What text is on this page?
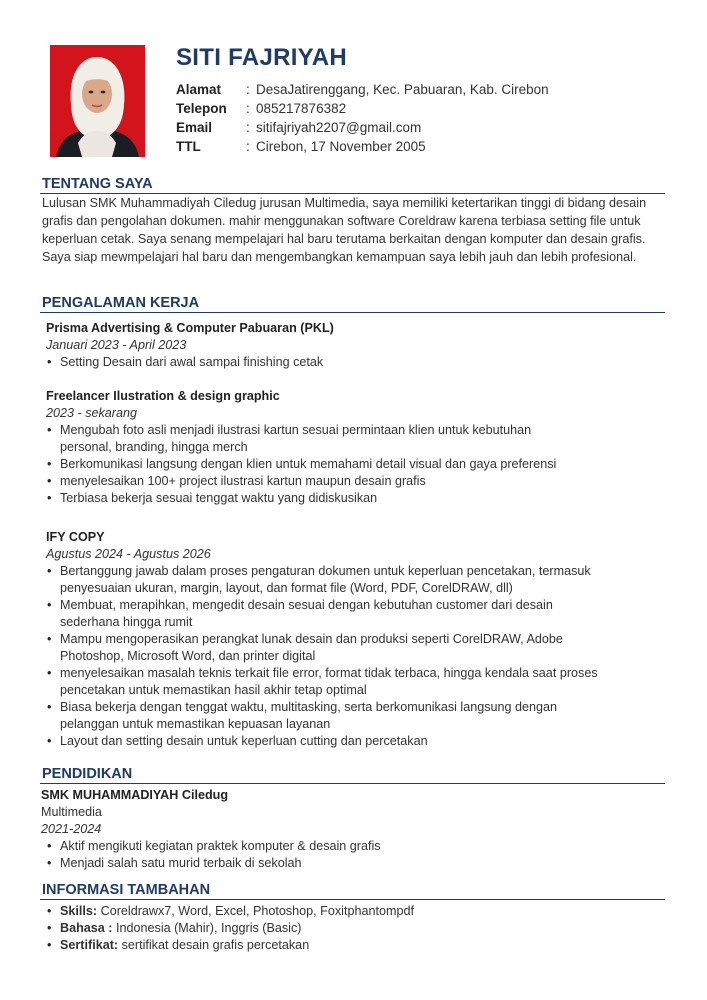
SITI FAJRIYAH
Alamat	: DesaJatirenggang, Kec. Pabuaran, Kab. Cirebon
Telepon	: 085217876382
Email	: sitifajriyah2207@gmail.com
TTL	: Cirebon, 17 November 2005
TENTANG SAYA
Lulusan SMK Muhammadiyah Ciledug jurusan Multimedia, saya memiliki ketertarikan tinggi di bidang desain
grafis dan pengolahan dokumen. mahir menggunakan software Coreldraw karena terbiasa setting file untuk
keperluan cetak. Saya senang mempelajari hal baru terutama berkaitan dengan komputer dan desain grafis.
Saya siap mewmpelajari hal baru dan mengembangkan kemampuan saya lebih jauh dan lebih profesional.
PENGALAMAN KERJA
Prisma Advertising & Computer Pabuaran (PKL)
Januari 2023 - April 2023
• Setting Desain dari awal sampai finishing cetak
Freelancer Ilustration & design graphic
2023 - sekarang
• Mengubah foto asli menjadi ilustrasi kartun sesuai permintaan klien untuk kebutuhan
personal, branding, hingga merch
• Berkomunikasi langsung dengan klien untuk memahami detail visual dan gaya preferensi
• menyelesaikan 100+ project ilustrasi kartun maupun desain grafis
• Terbiasa bekerja sesuai tenggat waktu yang didiskusikan
IFY COPY
Agustus 2024 - Agustus 2026
• Bertanggung jawab dalam proses pengaturan dokumen untuk keperluan pencetakan, termasuk
penyesuaian ukuran, margin, layout, dan format file (Word, PDF, CorelDRAW, dll)
• Membuat, merapihkan, mengedit desain sesuai dengan kebutuhan customer dari desain
sederhana hingga rumit
• Mampu mengoperasikan perangkat lunak desain dan produksi seperti CorelDRAW, Adobe
Photoshop, Microsoft Word, dan printer digital
• menyelesaikan masalah teknis terkait file error, format tidak terbaca, hingga kendala saat proses
pencetakan untuk memastikan hasil akhir tetap optimal
• Biasa bekerja dengan tenggat waktu, multitasking, serta berkomunikasi langsung dengan
pelanggan untuk memastikan kepuasan layanan
• Layout dan setting desain untuk keperluan cutting dan percetakan
PENDIDIKAN
SMK MUHAMMADIYAH Ciledug
Multimedia
2021-2024
• Aktif mengikuti kegiatan praktek komputer & desain grafis
• Menjadi salah satu murid terbaik di sekolah
INFORMASI TAMBAHAN
• Skills: Coreldrawx7, Word, Excel, Photoshop, Foxitphantompdf
• Bahasa : Indonesia (Mahir), Inggris (Basic)
• Sertifikat: sertifikat desain grafis percetakan
